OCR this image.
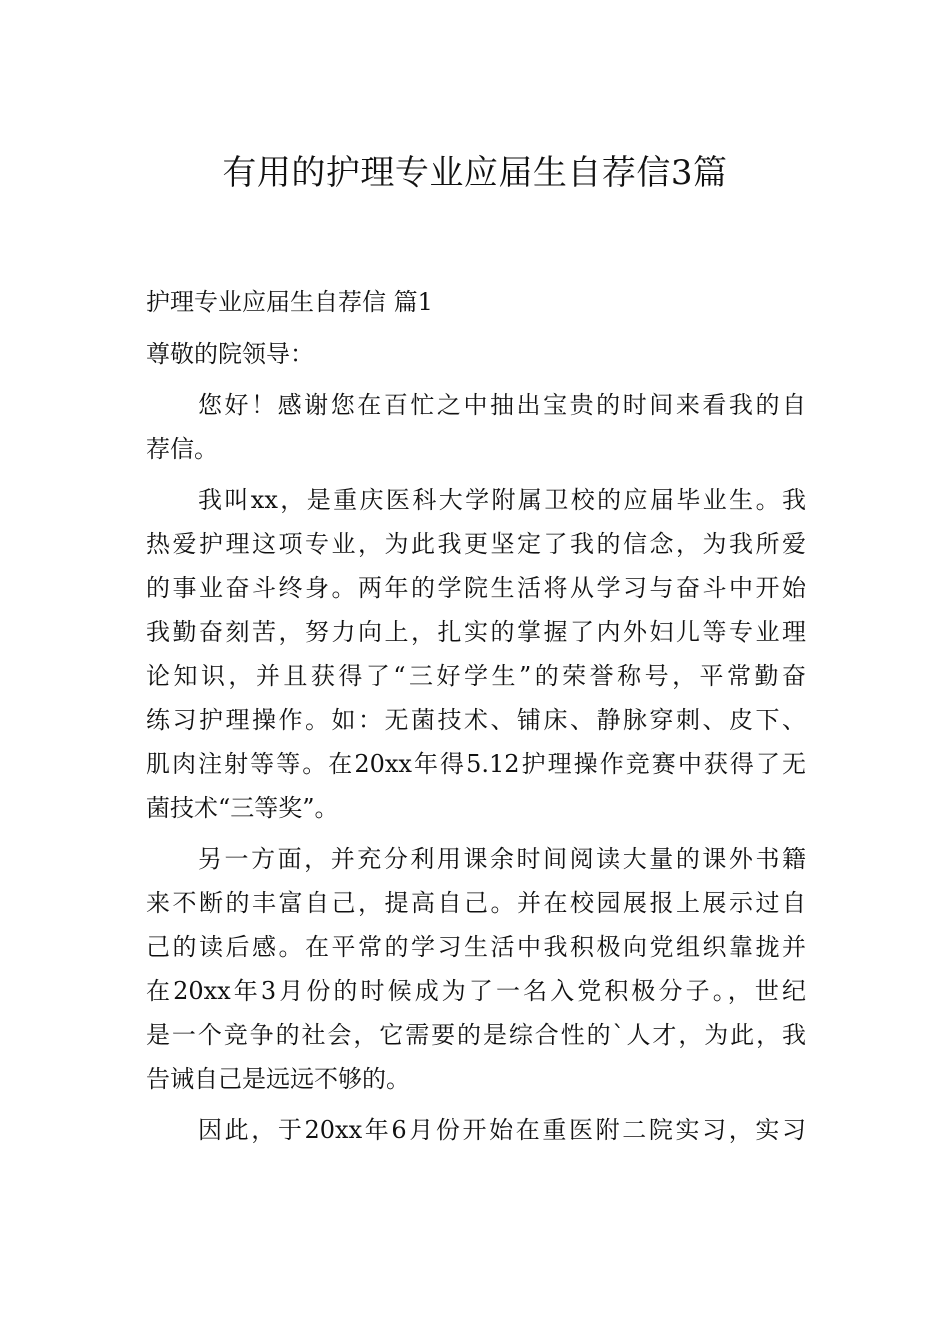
有用的护理专业应届生自荐信3篇

护理专业应届生自荐信 篇1

尊敬的院领导：

您好！感谢您在百忙之中抽出宝贵的时间来看我的自
荐信。
我叫xx，是重庆医科大学附属卫校的应届毕业生。我
热爱护理这项专业，为此我更坚定了我的信念，为我所爱
的事业奋斗终身。两年的学院生活将从学习与奋斗中开始
我勤奋刻苦，努力向上，扎实的掌握了内外妇儿等专业理
论知识，并且获得了“三好学生”的荣誉称号，平常勤奋
练习护理操作。如：无菌技术、铺床、静脉穿刺、皮下、
肌肉注射等等。在20xx年得5.12护理操作竞赛中获得了无
菌技术“三等奖”。
另一方面，并充分利用课余时间阅读大量的课外书籍
来不断的丰富自己，提高自己。并在校园展报上展示过自
己的读后感。在平常的学习生活中我积极向党组织靠拢并
在20xx年3月份的时候成为了一名入党积极分子。，世纪
是一个竞争的社会，它需要的是综合性的`人才，为此，我
告诫自己是远远不够的。
因此，于20xx年6月份开始在重医附二院实习，实习
